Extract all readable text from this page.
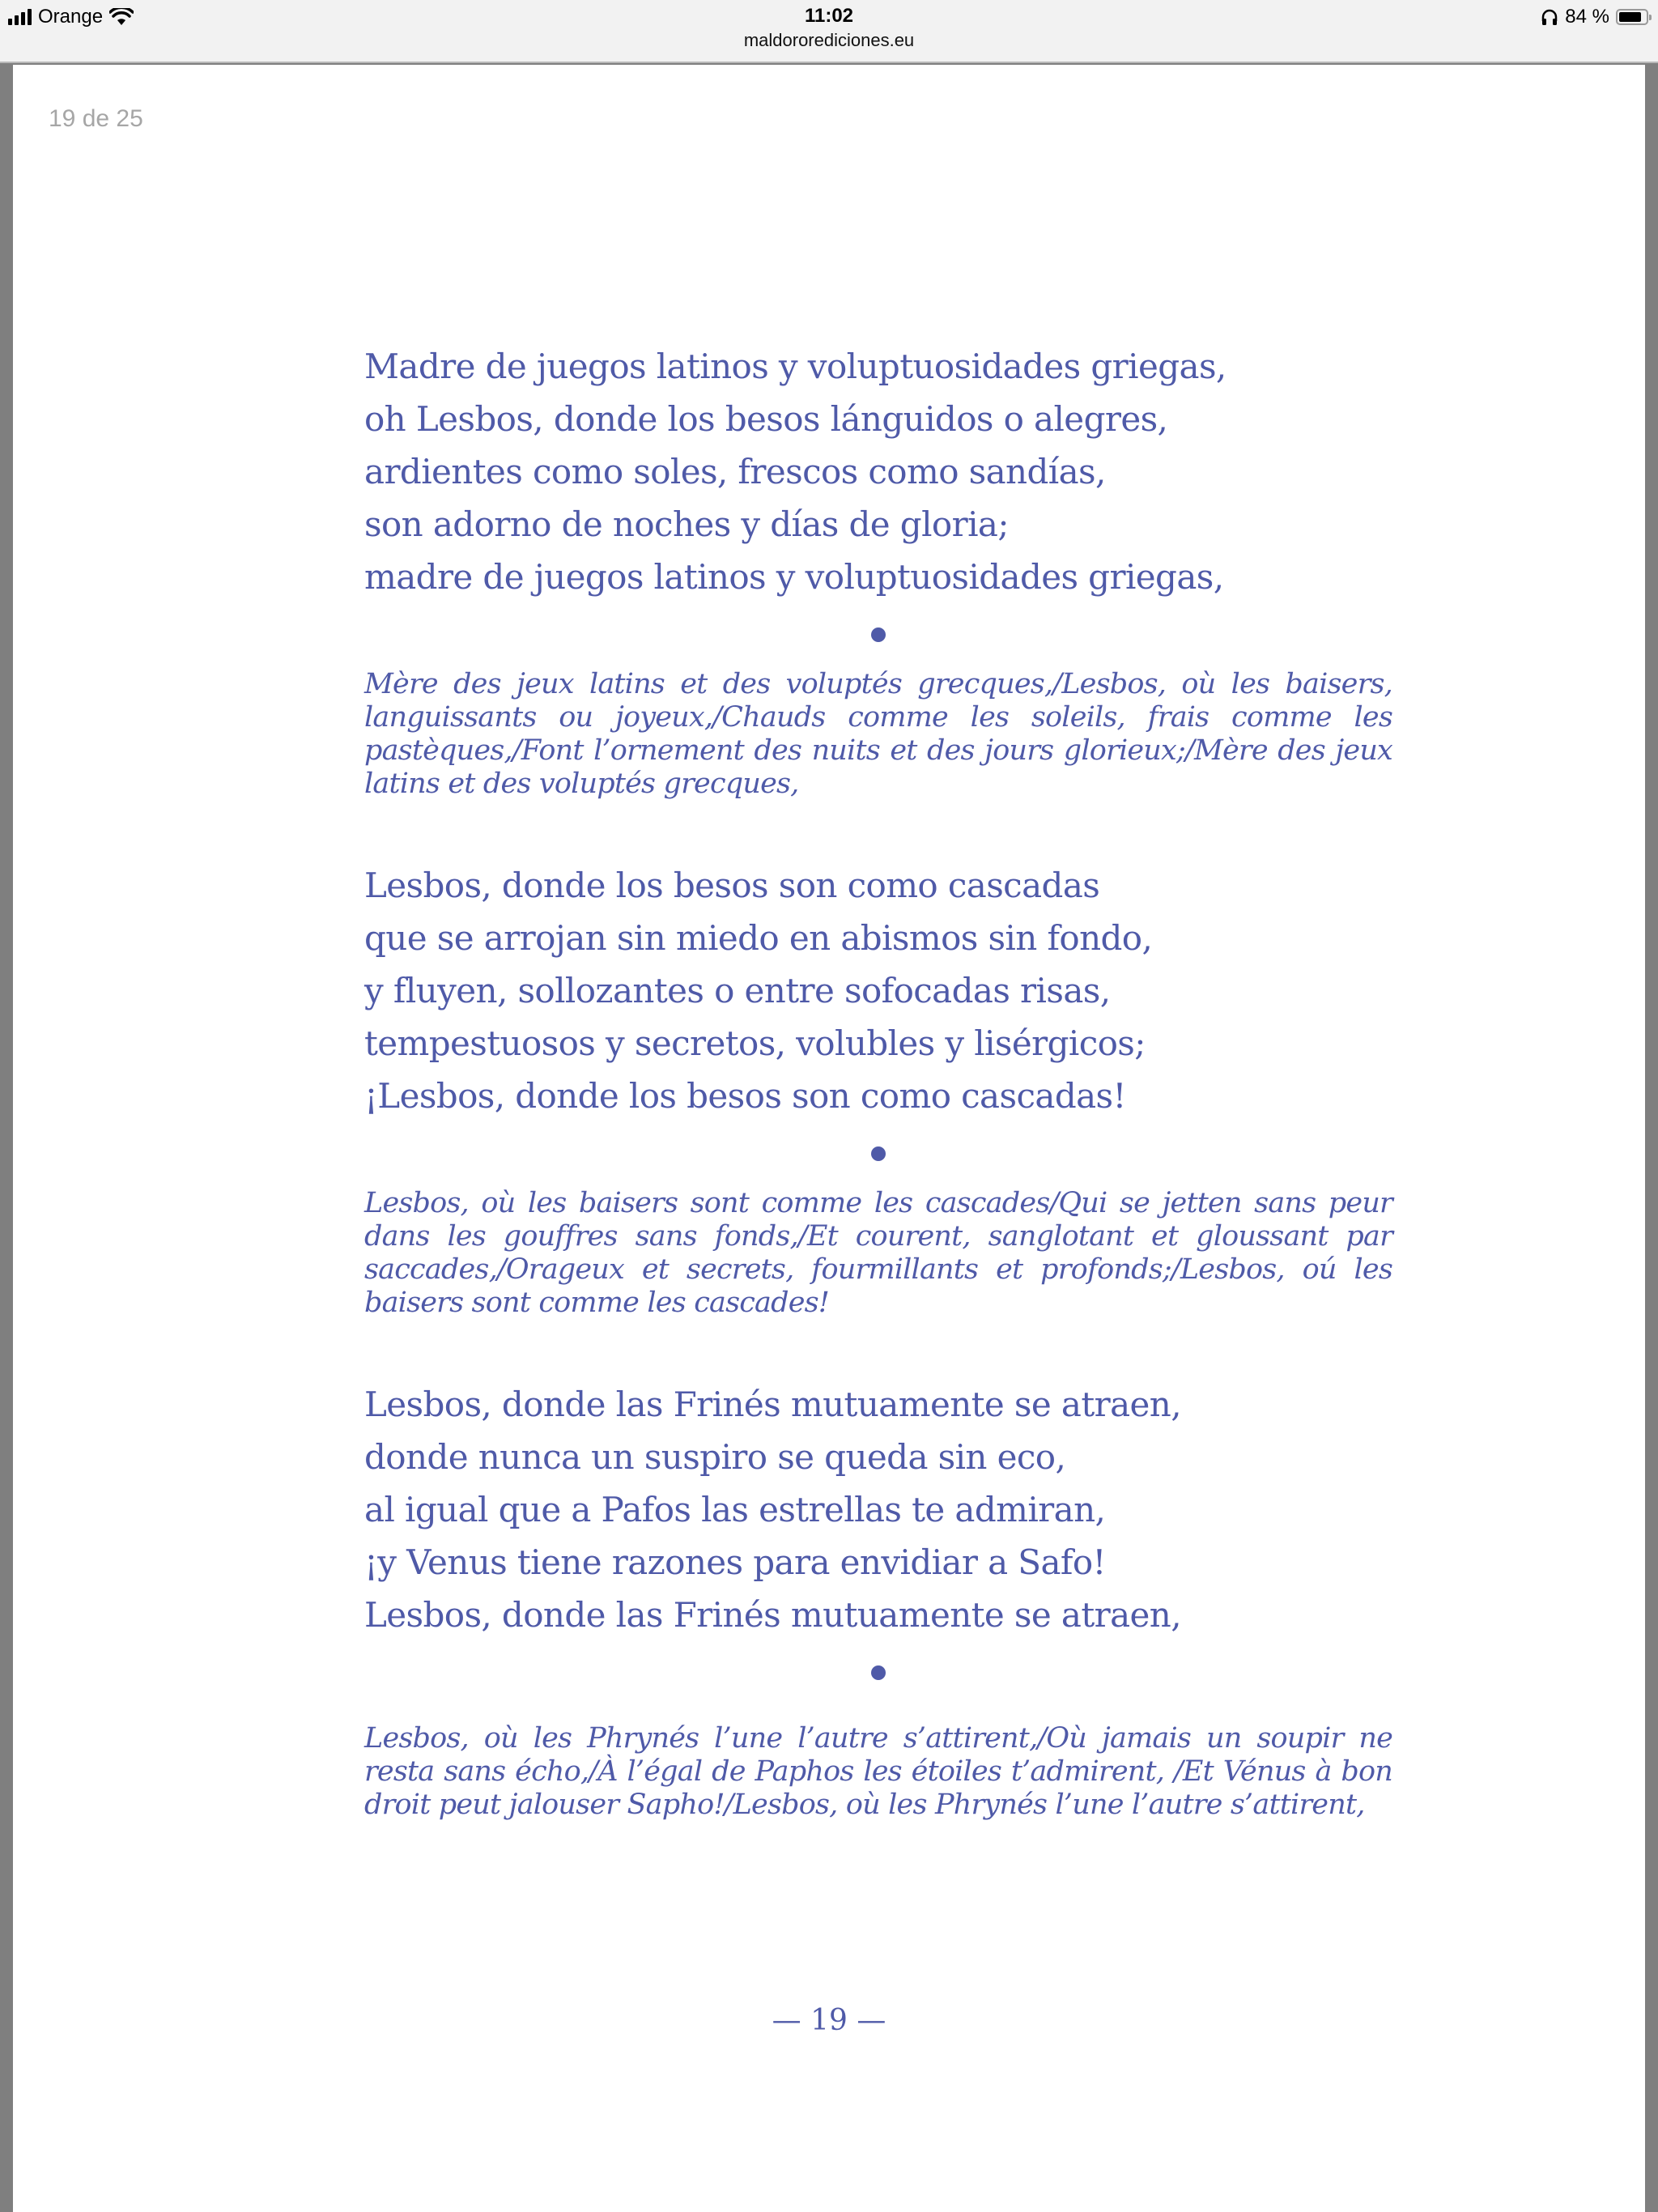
Orange	11:02
maldororediciones.eu
84 %
19 de 25
Madre de juegos latinos y voluptuosidades griegas,
oh Lesbos, donde los besos lánguidos o alegres,
ardientes como soles, frescos como sandías,
son adorno de noches y días de gloria;
madre de juegos latinos y voluptuosidades griegas,
Mère des jeux latins et des voluptés grecques,/Lesbos, où les baisers, languissants ou joyeux,/Chauds comme les soleils, frais comme les pastèques,/Font l’ornement des nuits et des jours glorieux;/Mère des jeux latins et des voluptés grecques,
Lesbos, donde los besos son como cascadas
que se arrojan sin miedo en abismos sin fondo,
y fluyen, sollozantes o entre sofocadas risas,
tempestuosos y secretos, volubles y lisérgicos;
¡Lesbos, donde los besos son como cascadas!
Lesbos, où les baisers sont comme les cascades/Qui se jetten sans peur dans les gouffres sans fonds,/Et courent, sanglotant et gloussant par saccades,/Orageux et secrets, fourmillants et profonds;/Lesbos, oú les baisers sont comme les cascades!
Lesbos, donde las Frinés mutuamente se atraen,
donde nunca un suspiro se queda sin eco,
al igual que a Pafos las estrellas te admiran,
¡y Venus tiene razones para envidiar a Safo!
Lesbos, donde las Frinés mutuamente se atraen,
Lesbos, où les Phrynés l’une l’autre s’attirent,/Où jamais un soupir ne resta sans écho,/À l’égal de Paphos les étoiles t’admirent, /Et Vénus à bon droit peut jalouser Sapho!/Lesbos, où les Phrynés l’une l’autre s’attirent,
— 19 —
